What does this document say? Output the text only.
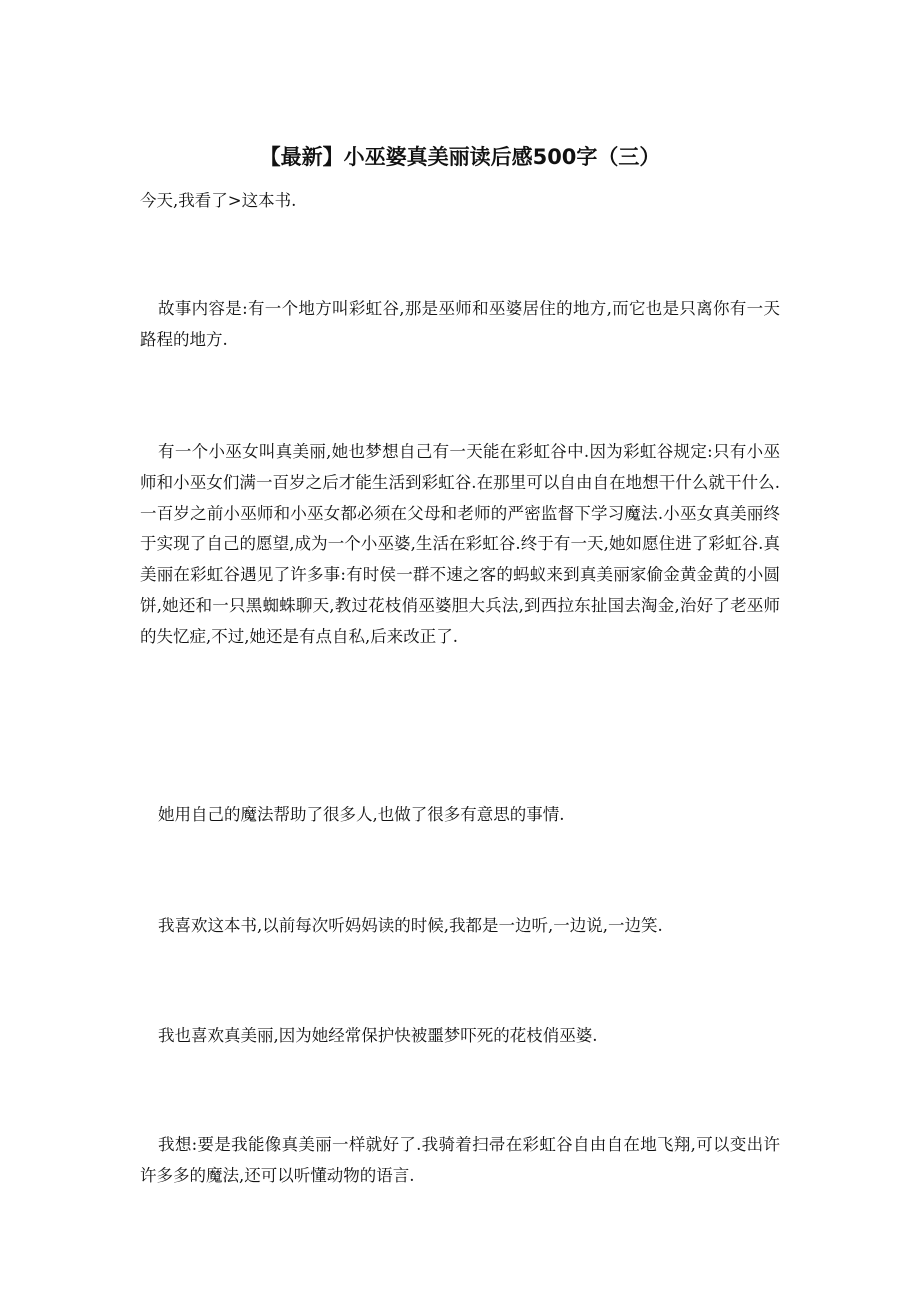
【最新】小巫婆真美丽读后感500字（三）

今天,我看了>这本书.

故事内容是:有一个地方叫彩虹谷,那是巫师和巫婆居住的地方,而它也是只离你有一天路程的地方.

有一个小巫女叫真美丽,她也梦想自己有一天能在彩虹谷中.因为彩虹谷规定:只有小巫师和小巫女们满一百岁之后才能生活到彩虹谷.在那里可以自由自在地想干什么就干什么.一百岁之前小巫师和小巫女都必须在父母和老师的严密监督下学习魔法.小巫女真美丽终于实现了自己的愿望,成为一个小巫婆,生活在彩虹谷.终于有一天,她如愿住进了彩虹谷.真美丽在彩虹谷遇见了许多事:有时侯一群不速之客的蚂蚁来到真美丽家偷金黄金黄的小圆饼,她还和一只黑蜘蛛聊天,教过花枝俏巫婆胆大兵法,到西拉东扯国去淘金,治好了老巫师的失忆症,不过,她还是有点自私,后来改正了.

她用自己的魔法帮助了很多人,也做了很多有意思的事情.

我喜欢这本书,以前每次听妈妈读的时候,我都是一边听,一边说,一边笑.

我也喜欢真美丽,因为她经常保护快被噩梦吓死的花枝俏巫婆.

我想:要是我能像真美丽一样就好了.我骑着扫帚在彩虹谷自由自在地飞翔,可以变出许许多多的魔法,还可以听懂动物的语言.
